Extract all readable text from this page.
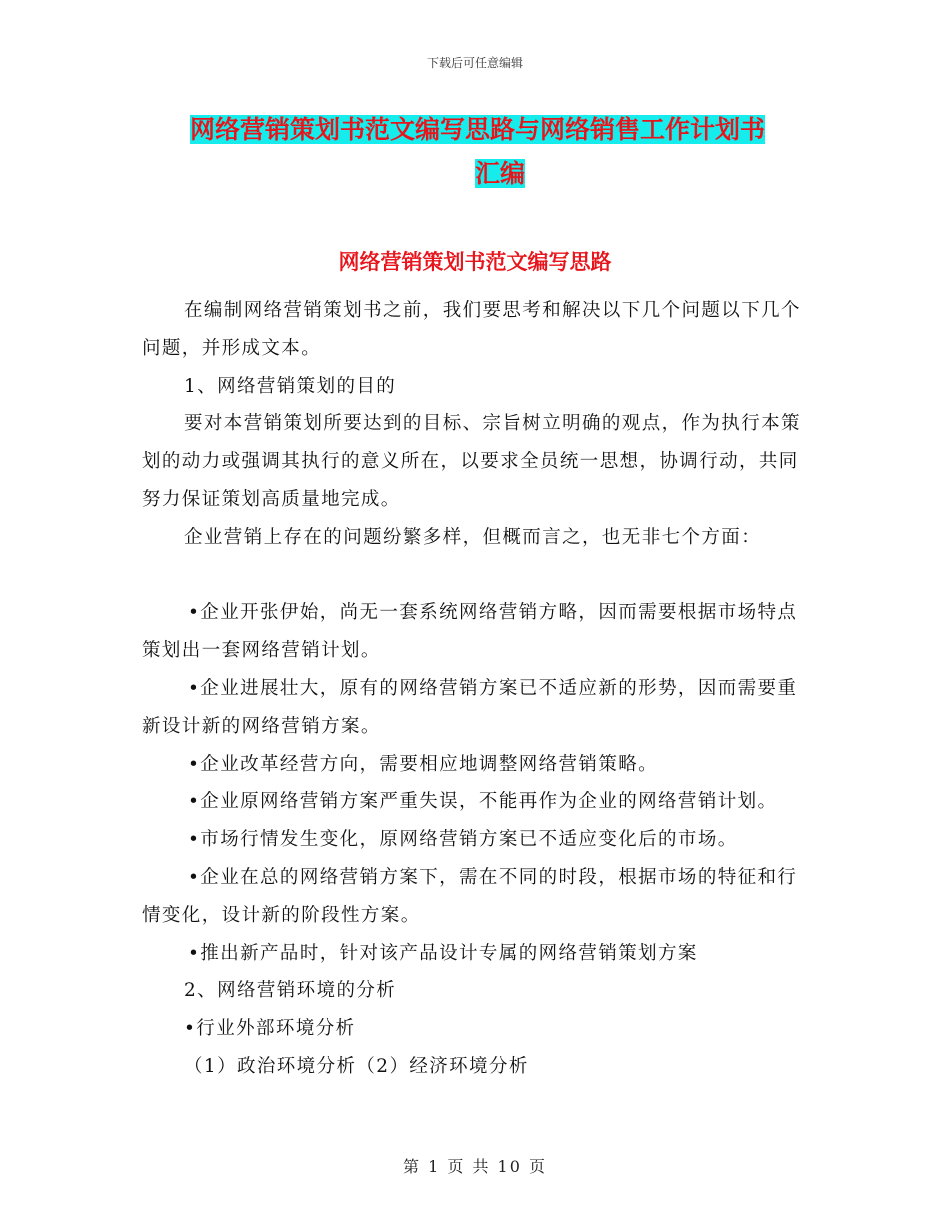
下载后可任意编辑
网络营销策划书范文编写思路与网络销售工作计划书
汇编
网络营销策划书范文编写思路

在编制网络营销策划书之前，我们要思考和解决以下几个问题以下几个问题，并形成文本。

1、网络营销策划的目的

要对本营销策划所要达到的目标、宗旨树立明确的观点，作为执行本策划的动力或强调其执行的意义所在，以要求全员统一思想，协调行动，共同努力保证策划高质量地完成。

企业营销上存在的问题纷繁多样，但概而言之，也无非七个方面：

•企业开张伊始，尚无一套系统网络营销方略，因而需要根据市场特点策划出一套网络营销计划。

•企业进展壮大，原有的网络营销方案已不适应新的形势，因而需要重新设计新的网络营销方案。

•企业改革经营方向，需要相应地调整网络营销策略。

•企业原网络营销方案严重失误，不能再作为企业的网络营销计划。

•市场行情发生变化，原网络营销方案已不适应变化后的市场。

•企业在总的网络营销方案下，需在不同的时段，根据市场的特征和行情变化，设计新的阶段性方案。

•推出新产品时，针对该产品设计专属的网络营销策划方案

2、网络营销环境的分析

•行业外部环境分析

（1）政治环境分析（2）经济环境分析

第 1 页 共 10 页
